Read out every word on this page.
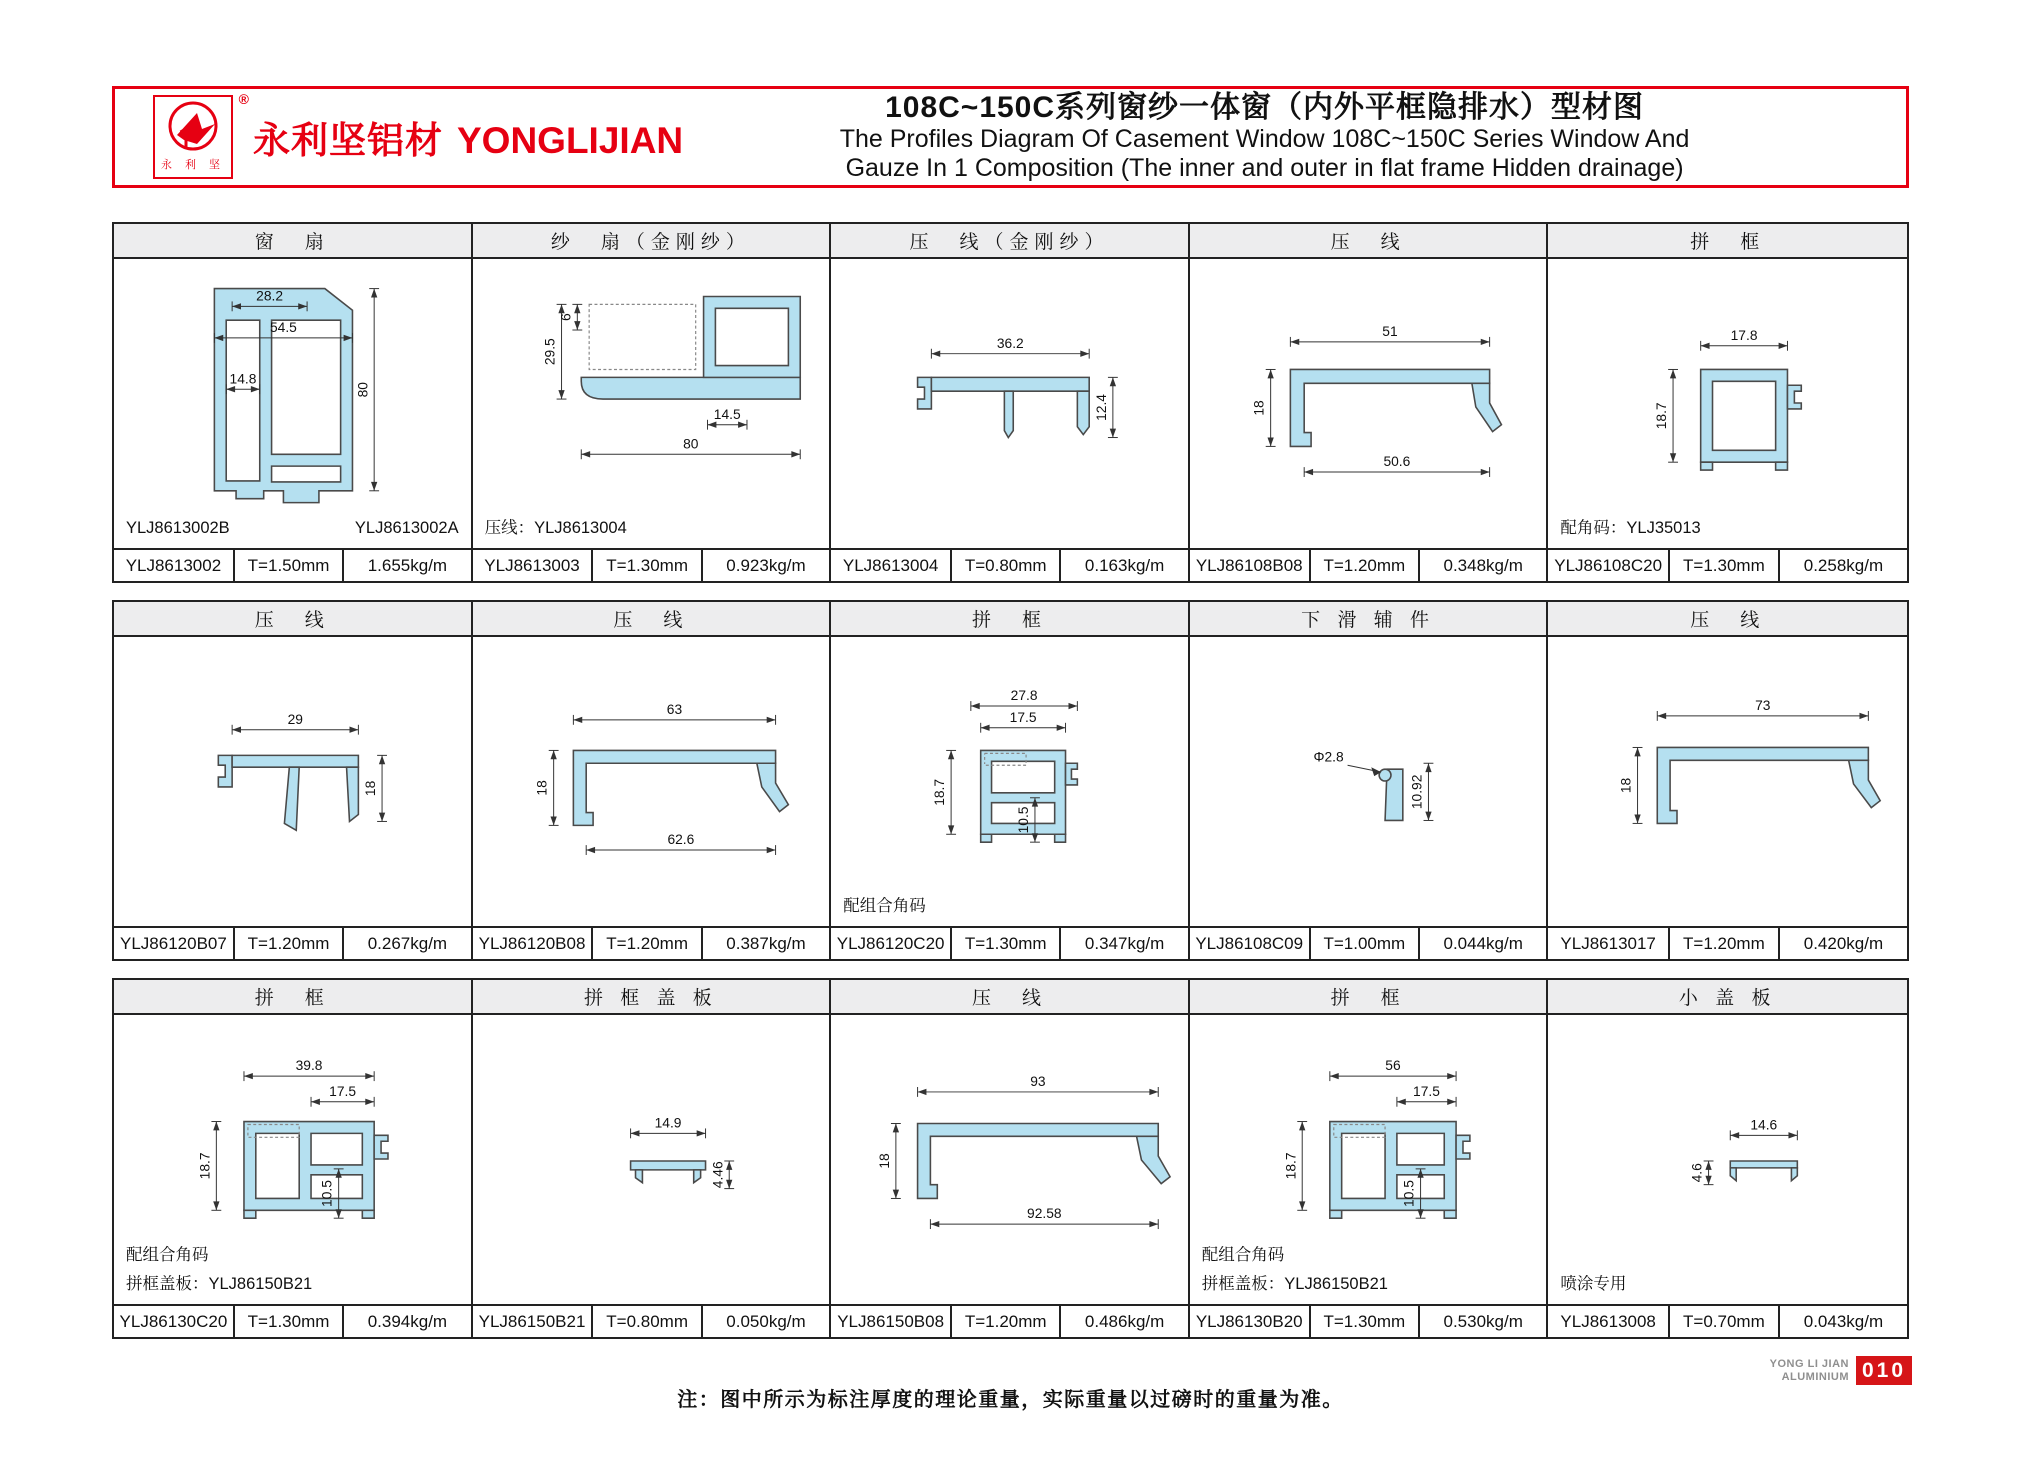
®
永 利 坚
永利坚铝材 YONGLIJIAN
108C~150C系列窗纱一体窗（内外平框隐排水）型材图
The Profiles Diagram Of Casement Window 108C~150C Series Window And
Gauze In 1 Composition (The inner and outer in flat frame Hidden drainage)
窗　扇
28.2
54.5
14.8
80
YLJ8613002B	YLJ8613002A
YLJ8613002	T=1.50mm	1.655kg/m
纱　扇（金刚纱）
29.5
6
14.5
80
压线：YLJ8613004
YLJ8613003	T=1.30mm	0.923kg/m
压　线（金刚纱）
36.2
12.4
YLJ8613004	T=0.80mm	0.163kg/m
压　线
51
18
50.6
YLJ86108B08	T=1.20mm	0.348kg/m
拼　框
17.8
18.7
配角码：YLJ35013
YLJ86108C20	T=1.30mm	0.258kg/m
压　线
29
18
YLJ86120B07	T=1.20mm	0.267kg/m
压　线
63
18
62.6
YLJ86120B08	T=1.20mm	0.387kg/m
拼　框
27.8
17.5
18.7
10.5
配组合角码
YLJ86120C20	T=1.30mm	0.347kg/m
下 滑 辅 件
Φ2.8
10.92
YLJ86108C09	T=1.00mm	0.044kg/m
压　线
73
18
YLJ8613017	T=1.20mm	0.420kg/m
拼　框
39.8
17.5
18.7
10.5
配组合角码
拼框盖板：YLJ86150B21
YLJ86130C20	T=1.30mm	0.394kg/m
拼 框 盖 板
14.9
4.46
YLJ86150B21	T=0.80mm	0.050kg/m
压　线
93
18
92.58
YLJ86150B08	T=1.20mm	0.486kg/m
拼　框
56
17.5
18.7
10.5
配组合角码
拼框盖板：YLJ86150B21
YLJ86130B20	T=1.30mm	0.530kg/m
小 盖 板
14.6
4.6
喷涂专用
YLJ8613008	T=0.70mm	0.043kg/m
注：图中所示为标注厚度的理论重量，实际重量以过磅时的重量为准。
YONG LI JIAN
ALUMINIUM 010
